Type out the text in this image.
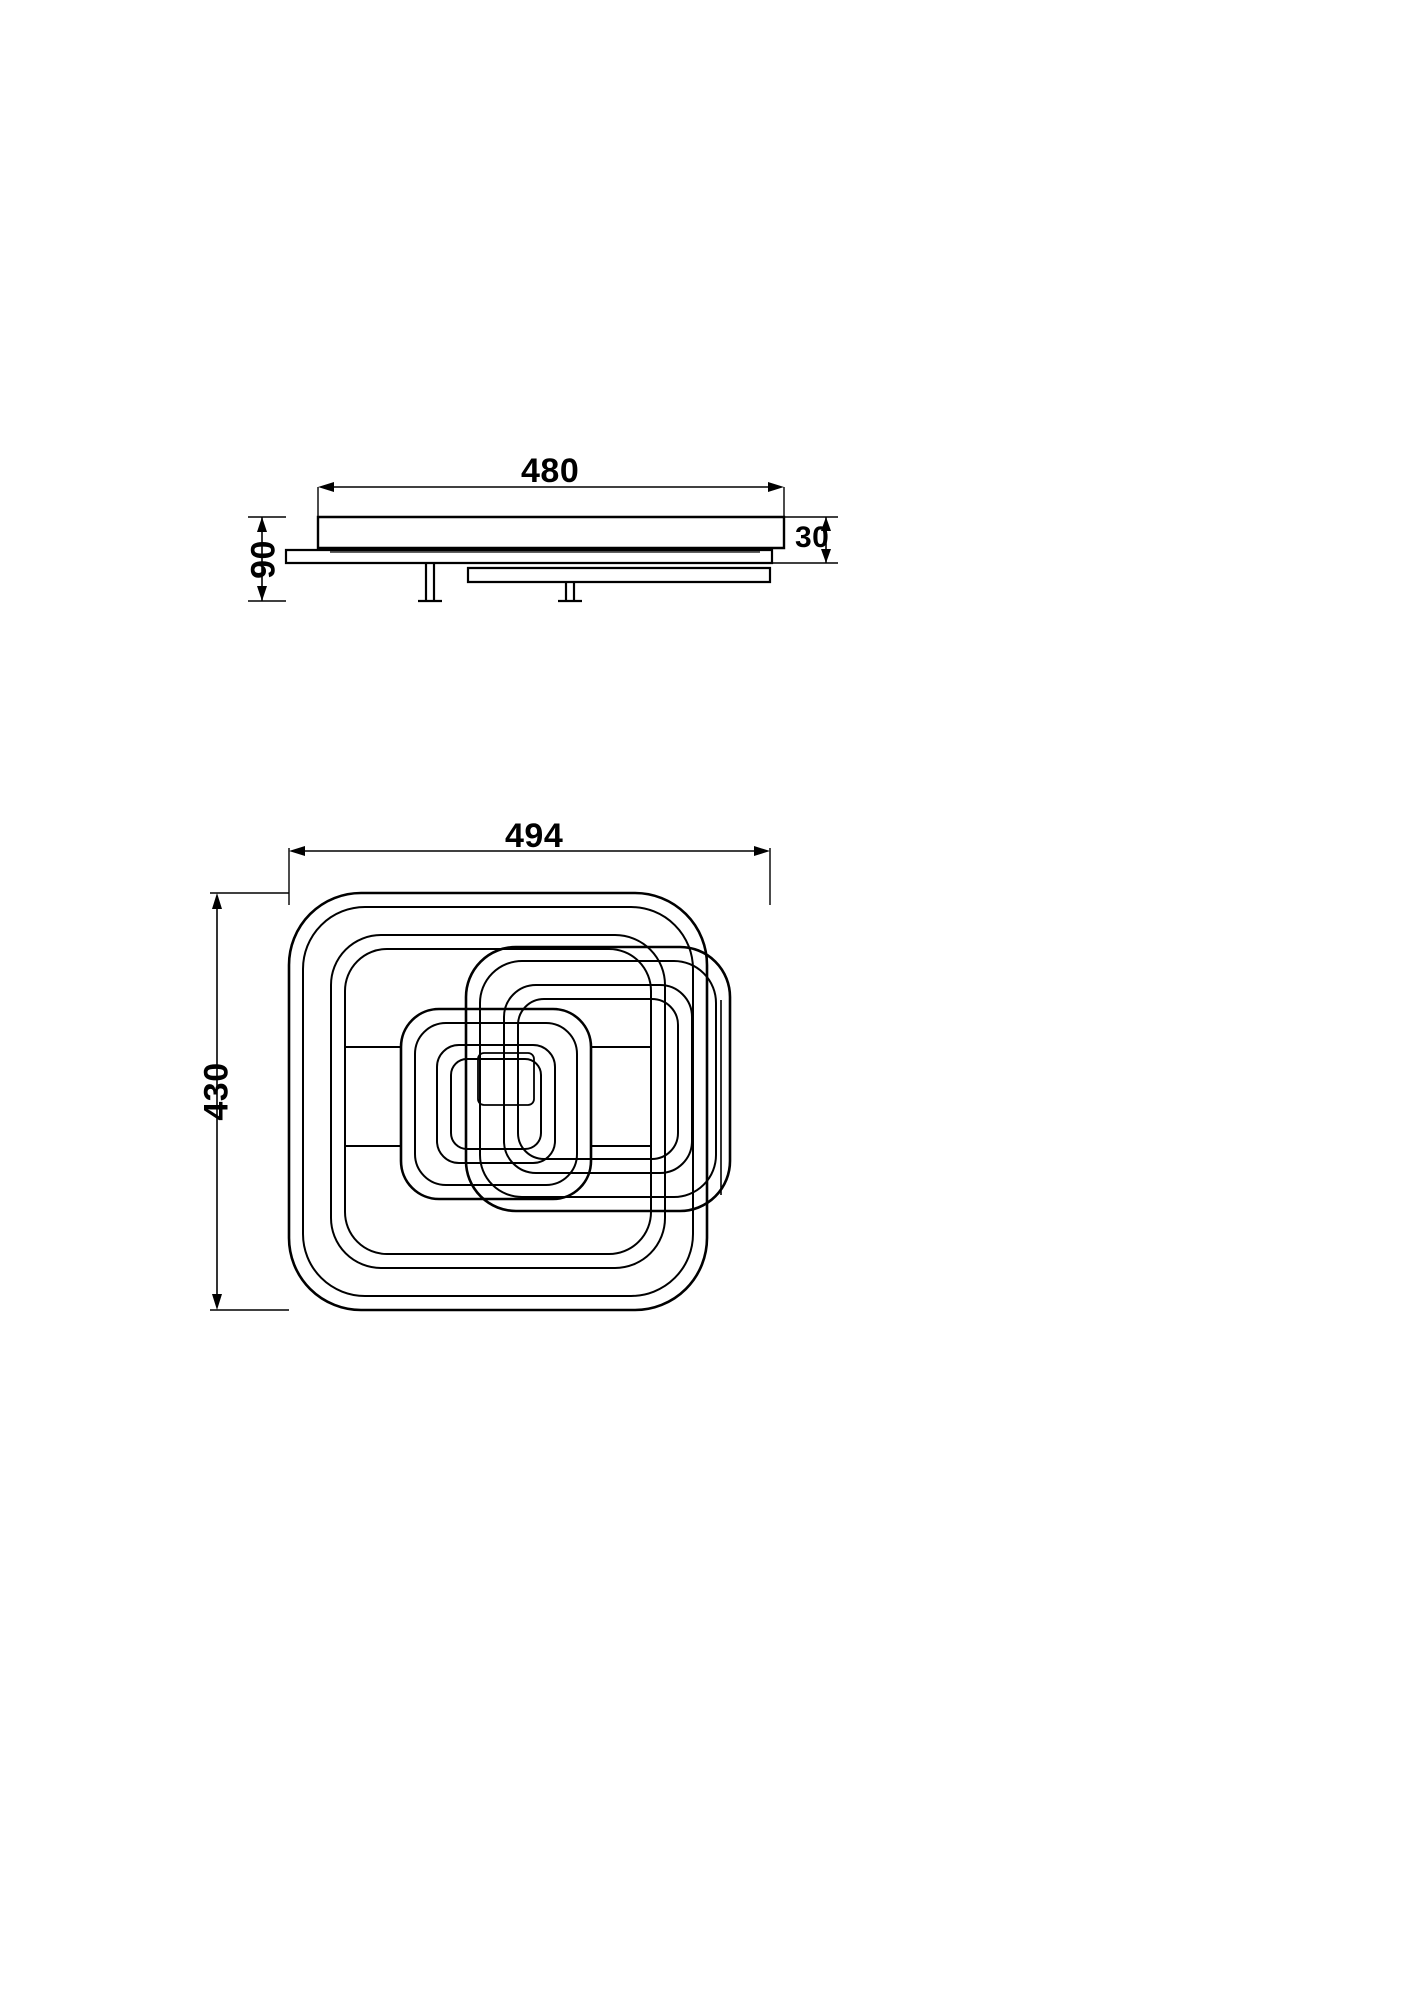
480
30
90
494
430
